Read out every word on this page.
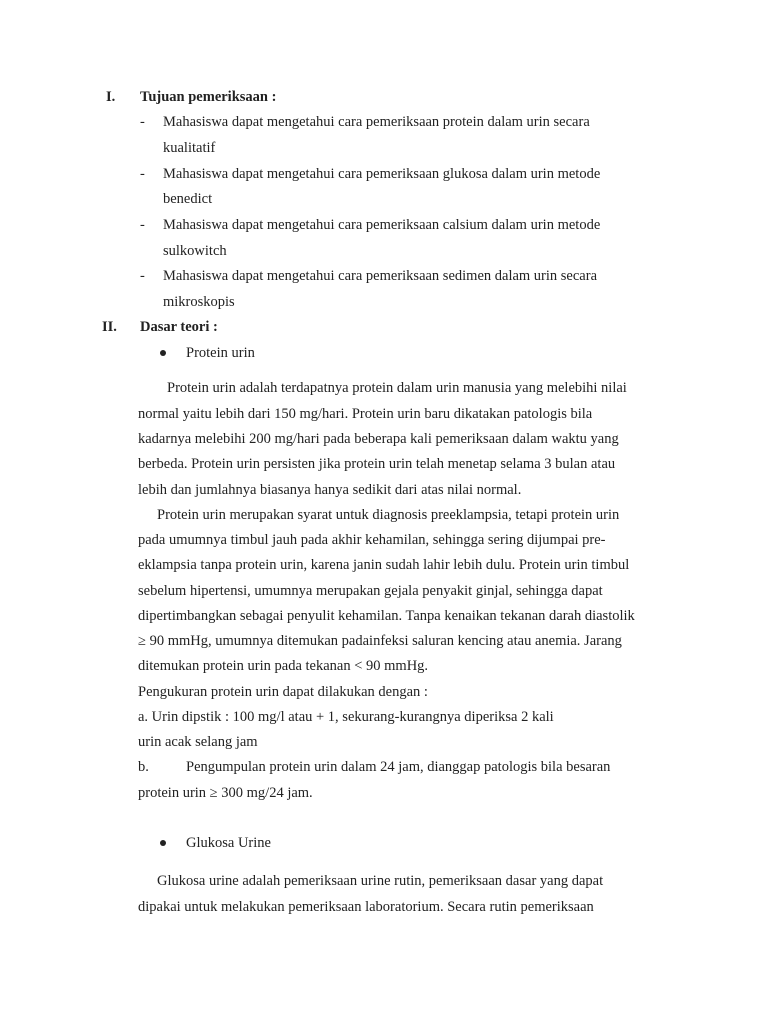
I. Tujuan pemeriksaan :
- Mahasiswa dapat mengetahui cara pemeriksaan protein dalam urin secara
kualitatif
- Mahasiswa dapat mengetahui cara pemeriksaan glukosa dalam urin metode
benedict
- Mahasiswa dapat mengetahui cara pemeriksaan calsium dalam urin metode
sulkowitch
- Mahasiswa dapat mengetahui cara pemeriksaan sedimen dalam urin secara
mikroskopis
II. Dasar teori :
Protein urin
Protein urin adalah terdapatnya protein dalam urin manusia yang melebihi nilai
normal yaitu lebih dari 150 mg/hari. Protein urin baru dikatakan patologis bila
kadarnya melebihi 200 mg/hari pada beberapa kali pemeriksaan dalam waktu yang
berbeda. Protein urin persisten jika protein urin telah menetap selama 3 bulan atau
lebih dan jumlahnya biasanya hanya sedikit dari atas nilai normal.
Protein urin merupakan syarat untuk diagnosis preeklampsia, tetapi protein urin
pada umumnya timbul jauh pada akhir kehamilan, sehingga sering dijumpai pre-
eklampsia tanpa protein urin, karena janin sudah lahir lebih dulu. Protein urin timbul
sebelum hipertensi, umumnya merupakan gejala penyakit ginjal, sehingga dapat
dipertimbangkan sebagai penyulit kehamilan. Tanpa kenaikan tekanan darah diastolik
≥ 90 mmHg, umumnya ditemukan padainfeksi saluran kencing atau anemia. Jarang
ditemukan protein urin pada tekanan < 90 mmHg.
Pengukuran protein urin dapat dilakukan dengan :
a. Urin dipstik : 100 mg/l atau + 1, sekurang-kurangnya diperiksa 2 kali
urin acak selang jam
b.	Pengumpulan protein urin dalam 24 jam, dianggap patologis bila besaran
protein urin ≥ 300 mg/24 jam.
Glukosa Urine
Glukosa urine adalah pemeriksaan urine rutin, pemeriksaan dasar yang dapat
dipakai untuk melakukan pemeriksaan laboratorium. Secara rutin pemeriksaan
